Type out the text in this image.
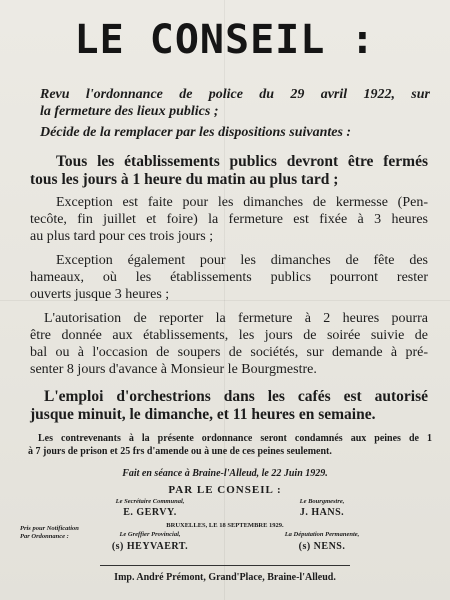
LE CONSEIL :
Revu l'ordonnance de police du 29 avril 1922, sur
la fermeture des lieux publics ;
Décide de la remplacer par les dispositions suivantes :
Tous les établissements publics devront être fermés
tous les jours à 1 heure du matin au plus tard ;
Exception est faite pour les dimanches de kermesse (Pen-
tecôte, fin juillet et foire) la fermeture est fixée à 3 heures
au plus tard pour ces trois jours ;
Exception également pour les dimanches de fête des
hameaux, où les établissements publics pourront rester
ouverts jusque 3 heures ;
L'autorisation de reporter la fermeture à 2 heures pourra
être donnée aux établissements, les jours de soirée suivie de
bal ou à l'occasion de soupers de sociétés, sur demande à pré-
senter 8 jours d'avance à Monsieur le Bourgmestre.
L'emploi d'orchestrions dans les cafés est autorisé
jusque minuit, le dimanche, et 11 heures en semaine.
Les contrevenants à la présente ordonnance seront condamnés aux peines de 1
à 7 jours de prison et 25 frs d'amende ou à une de ces peines seulement.
Fait en séance à Braine-l'Alleud, le 22 Juin 1929.
PAR LE CONSEIL :
Le Secrétaire Communal,
E. GERVY.
Le Bourgmestre,
J. HANS.
BRUXELLES, LE 18 SEPTEMBRE 1929.
Pris pour Notification
Par Ordonnance :	Le Greffier Provincial,
(s) HEYVAERT.
La Députation Permanente,
(s) NENS.
Imp. André Prémont, Grand'Place, Braine-l'Alleud.
